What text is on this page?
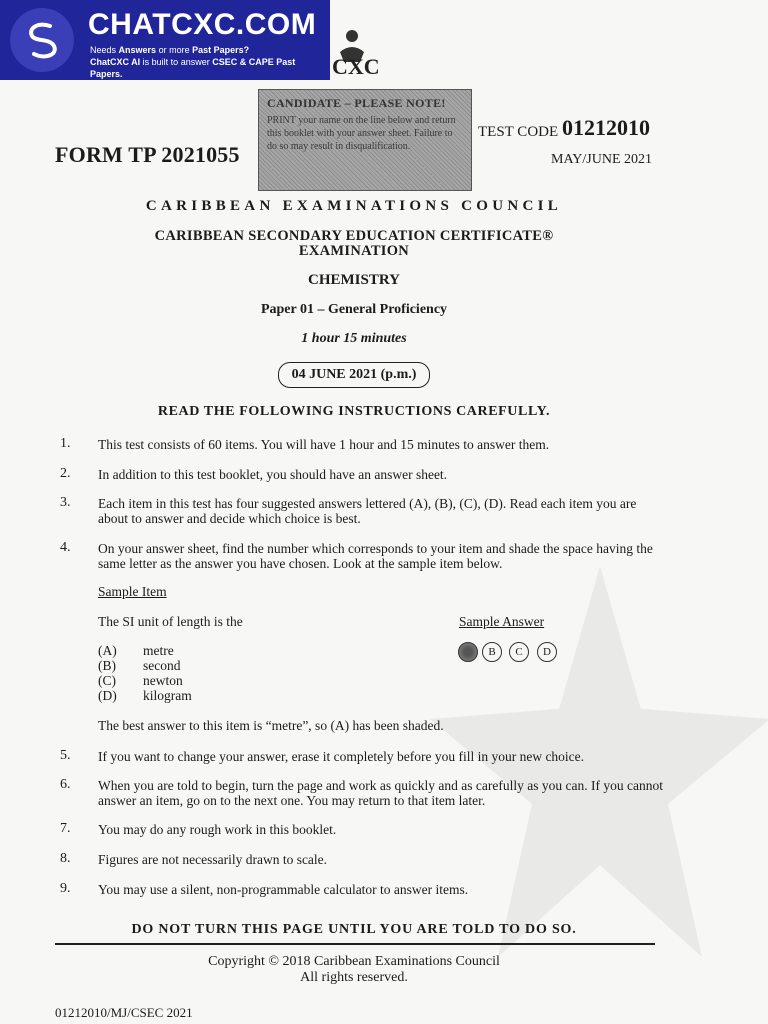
CHATCXC.COM
Needs Answers or more Past Papers?
ChatCXC AI is built to answer CSEC & CAPE Past Papers.	CXC
CANDIDATE – PLEASE NOTE!
PRINT your name on the line below and return this booklet with your answer sheet. Failure to do so may result in disqualification.
FORM TP 2021055
TEST CODE 01212010
MAY/JUNE 2021
CARIBBEAN EXAMINATIONS COUNCIL
CARIBBEAN SECONDARY EDUCATION CERTIFICATE®
EXAMINATION
CHEMISTRY
Paper 01 – General Proficiency
1 hour 15 minutes
04 JUNE 2021 (p.m.)
READ THE FOLLOWING INSTRUCTIONS CAREFULLY.
1. This test consists of 60 items. You will have 1 hour and 15 minutes to answer them.
2. In addition to this test booklet, you should have an answer sheet.
3. Each item in this test has four suggested answers lettered (A), (B), (C), (D). Read each item you are about to answer and decide which choice is best.
4. On your answer sheet, find the number which corresponds to your item and shade the space having the same letter as the answer you have chosen. Look at the sample item below.
Sample Item
The SI unit of length is the	Sample Answer
(A) metre
(B) second
(C) newton
(D) kilogram
B	C	D
The best answer to this item is “metre”, so (A) has been shaded.
5. If you want to change your answer, erase it completely before you fill in your new choice.
6. When you are told to begin, turn the page and work as quickly and as carefully as you can. If you cannot answer an item, go on to the next one. You may return to that item later.
7. You may do any rough work in this booklet.
8. Figures are not necessarily drawn to scale.
9. You may use a silent, non-programmable calculator to answer items.
DO NOT TURN THIS PAGE UNTIL YOU ARE TOLD TO DO SO.
Copyright © 2018 Caribbean Examinations Council
All rights reserved.
01212010/MJ/CSEC 2021
